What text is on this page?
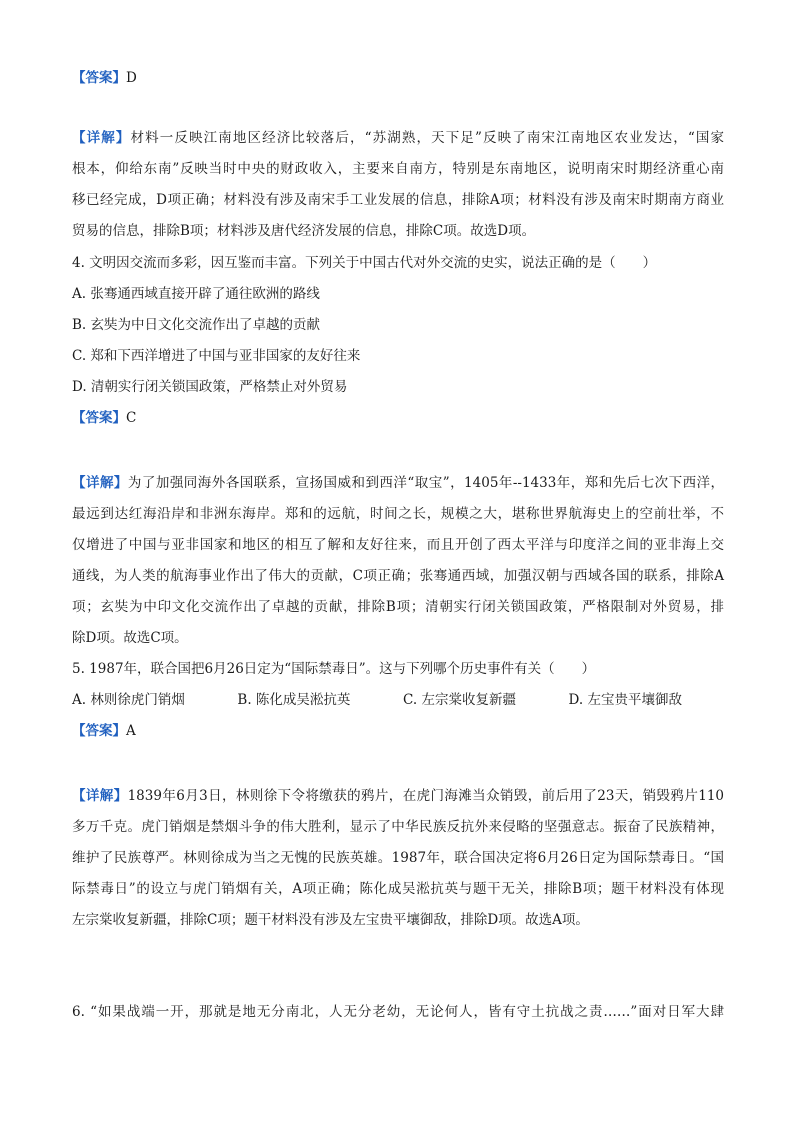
【答案】D
【详解】材料一反映江南地区经济比较落后，“苏湖熟，天下足”反映了南宋江南地区农业发达，“国家
根本，仰给东南”反映当时中央的财政收入，主要来自南方，特别是东南地区，说明南宋时期经济重心南
移已经完成，D项正确；材料没有涉及南宋手工业发展的信息，排除A项；材料没有涉及南宋时期南方商业
贸易的信息，排除B项；材料涉及唐代经济发展的信息，排除C项。故选D项。
4. 文明因交流而多彩，因互鉴而丰富。下列关于中国古代对外交流的史实，说法正确的是（　　）
A. 张骞通西域直接开辟了通往欧洲的路线
B. 玄奘为中日文化交流作出了卓越的贡献
C. 郑和下西洋增进了中国与亚非国家的友好往来
D. 清朝实行闭关锁国政策，严格禁止对外贸易
【答案】C
【详解】为了加强同海外各国联系，宣扬国威和到西洋“取宝”，1405年--1433年，郑和先后七次下西洋，
最远到达红海沿岸和非洲东海岸。郑和的远航，时间之长，规模之大，堪称世界航海史上的空前壮举，不
仅增进了中国与亚非国家和地区的相互了解和友好往来，而且开创了西太平洋与印度洋之间的亚非海上交
通线，为人类的航海事业作出了伟大的贡献，C项正确；张骞通西域，加强汉朝与西域各国的联系，排除A
项；玄奘为中印文化交流作出了卓越的贡献，排除B项；清朝实行闭关锁国政策，严格限制对外贸易，排
除D项。故选C项。
5. 1987年，联合国把6月26日定为“国际禁毒日”。这与下列哪个历史事件有关（　　）
A. 林则徐虎门销烟	B. 陈化成吴淞抗英	C. 左宗棠收复新疆	D. 左宝贵平壤御敌
【答案】A
【详解】1839年6月3日，林则徐下令将缴获的鸦片，在虎门海滩当众销毁，前后用了23天，销毁鸦片110
多万千克。虎门销烟是禁烟斗争的伟大胜利，显示了中华民族反抗外来侵略的坚强意志。振奋了民族精神，
维护了民族尊严。林则徐成为当之无愧的民族英雄。1987年，联合国决定将6月26日定为国际禁毒日。“国
际禁毒日”的设立与虎门销烟有关，A项正确；陈化成吴淞抗英与题干无关，排除B项；题干材料没有体现
左宗棠收复新疆，排除C项；题干材料没有涉及左宝贵平壤御敌，排除D项。故选A项。
6. “如果战端一开，那就是地无分南北，人无分老幼，无论何人，皆有守土抗战之责……”面对日军大肆
